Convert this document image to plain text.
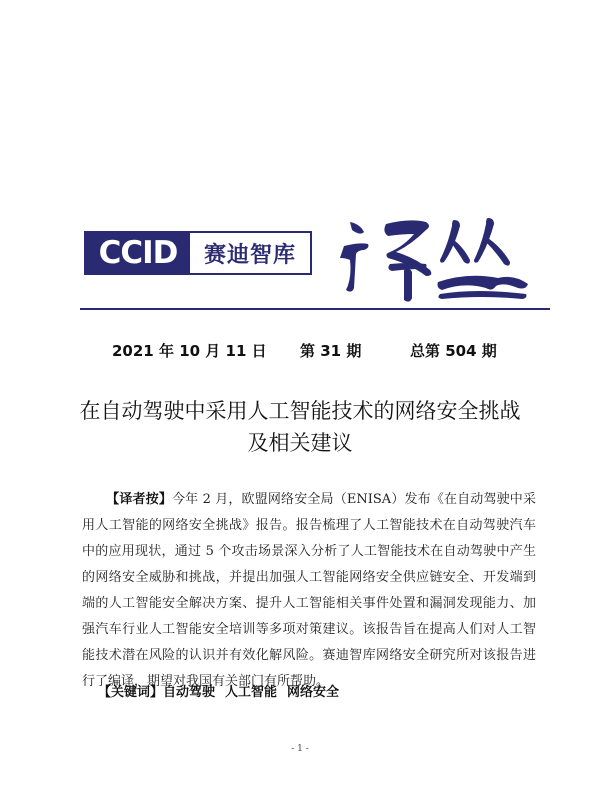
CCID	赛迪智库
2021 年 10 月 11 日 第 31 期	总第 504 期
在自动驾驶中采用人工智能技术的网络安全挑战
及相关建议
【译者按】今年 2 月，欧盟网络安全局（ENISA）发布《在自动驾驶中采用人工智能的网络安全挑战》报告。报告梳理了人工智能技术在自动驾驶汽车中的应用现状，通过 5 个攻击场景深入分析了人工智能技术在自动驾驶中产生的网络安全威胁和挑战，并提出加强人工智能网络安全供应链安全、开发端到端的人工智能安全解决方案、提升人工智能相关事件处置和漏洞发现能力、加强汽车行业人工智能安全培训等多项对策建议。该报告旨在提高人们对人工智能技术潜在风险的认识并有效化解风险。赛迪智库网络安全研究所对该报告进行了编译，期望对我国有关部门有所帮助。
【关键词】自动驾驶 人工智能 网络安全
- 1 -
